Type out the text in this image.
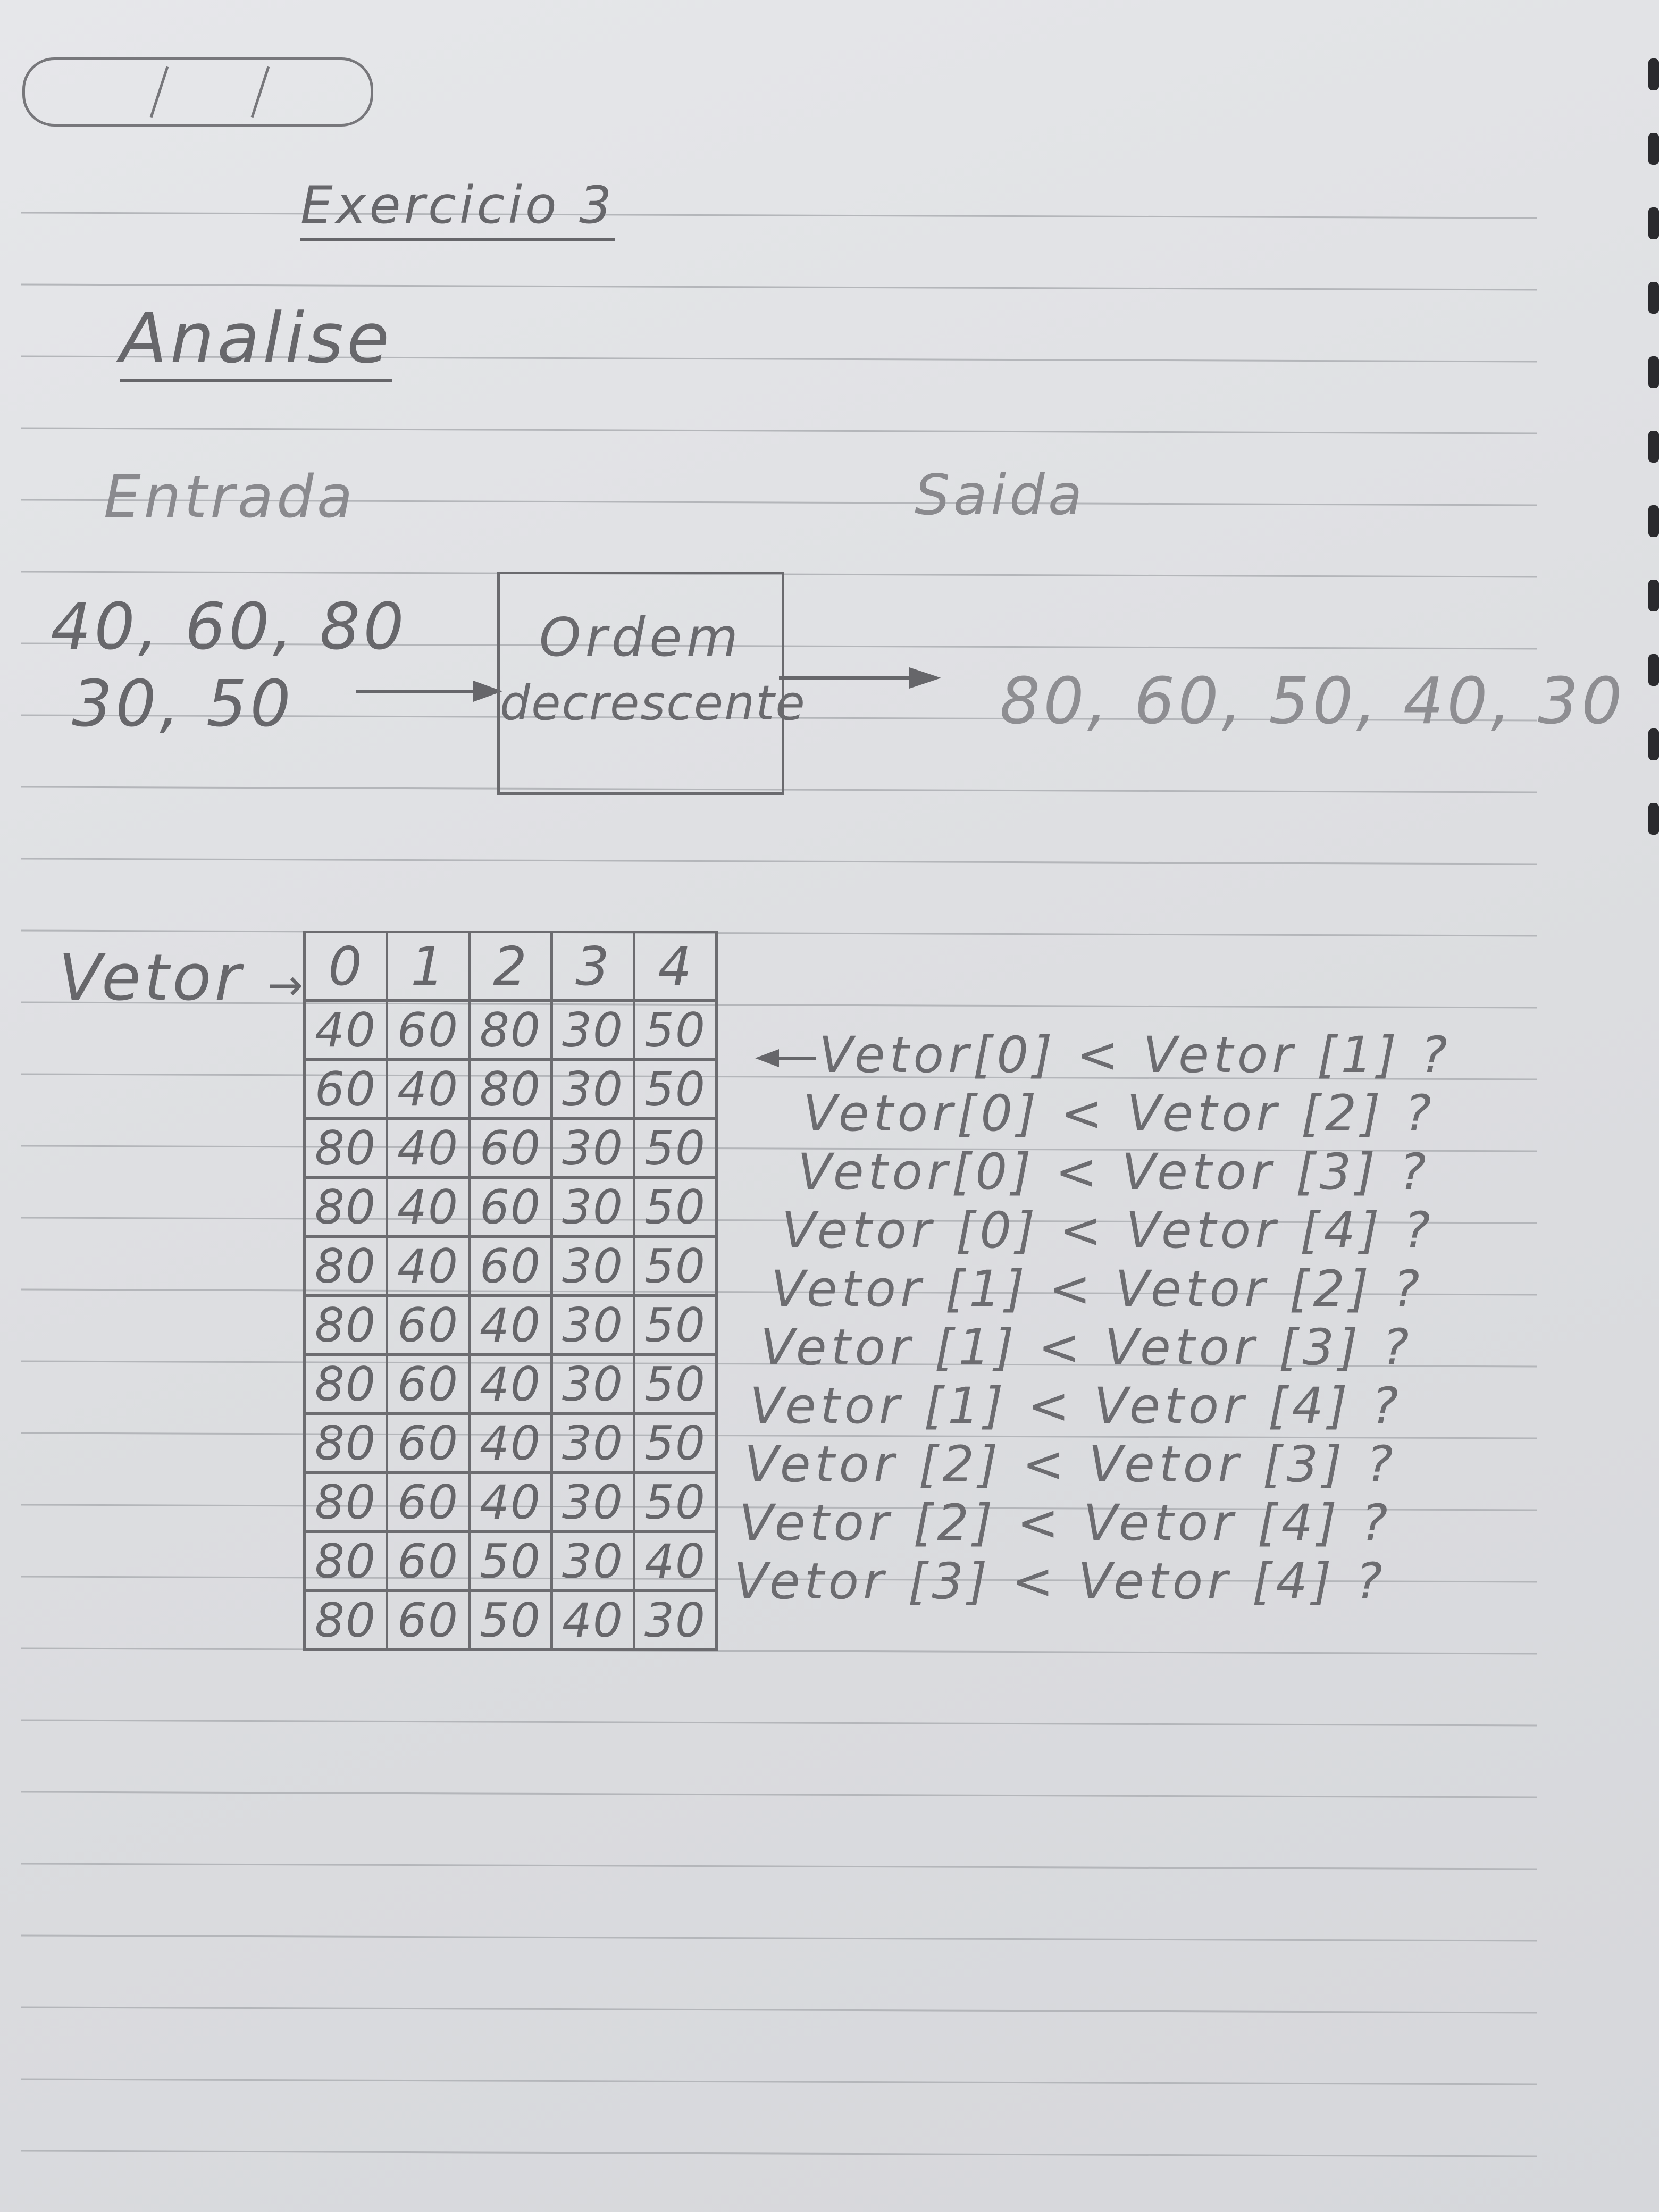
Exercicio 3
Analise
Entrada	Saida
40, 60, 80
30, 50
Ordem
decrescente	80, 60, 50, 40, 30
Vetor → 0	1	2	3	4
40	60	80	30	50
60	40	80	30	50
80	40	60	30	50
80	40	60	30	50
80	40	60	30	50
80	60	40	30	50
80	60	40	30	50
80	60	40	30	50
80	60	40	30	50
80	60	50	30	40
80	60	50	40	30
Vetor[0] < Vetor [1] ?
Vetor[0] < Vetor [2] ?
Vetor[0] < Vetor [3] ?
Vetor [0] < Vetor [4] ?
Vetor [1] < Vetor [2] ?
Vetor [1] < Vetor [3] ?
Vetor [1] < Vetor [4] ?
Vetor [2] < Vetor [3] ?
Vetor [2] < Vetor [4] ?
Vetor [3] < Vetor [4] ?
